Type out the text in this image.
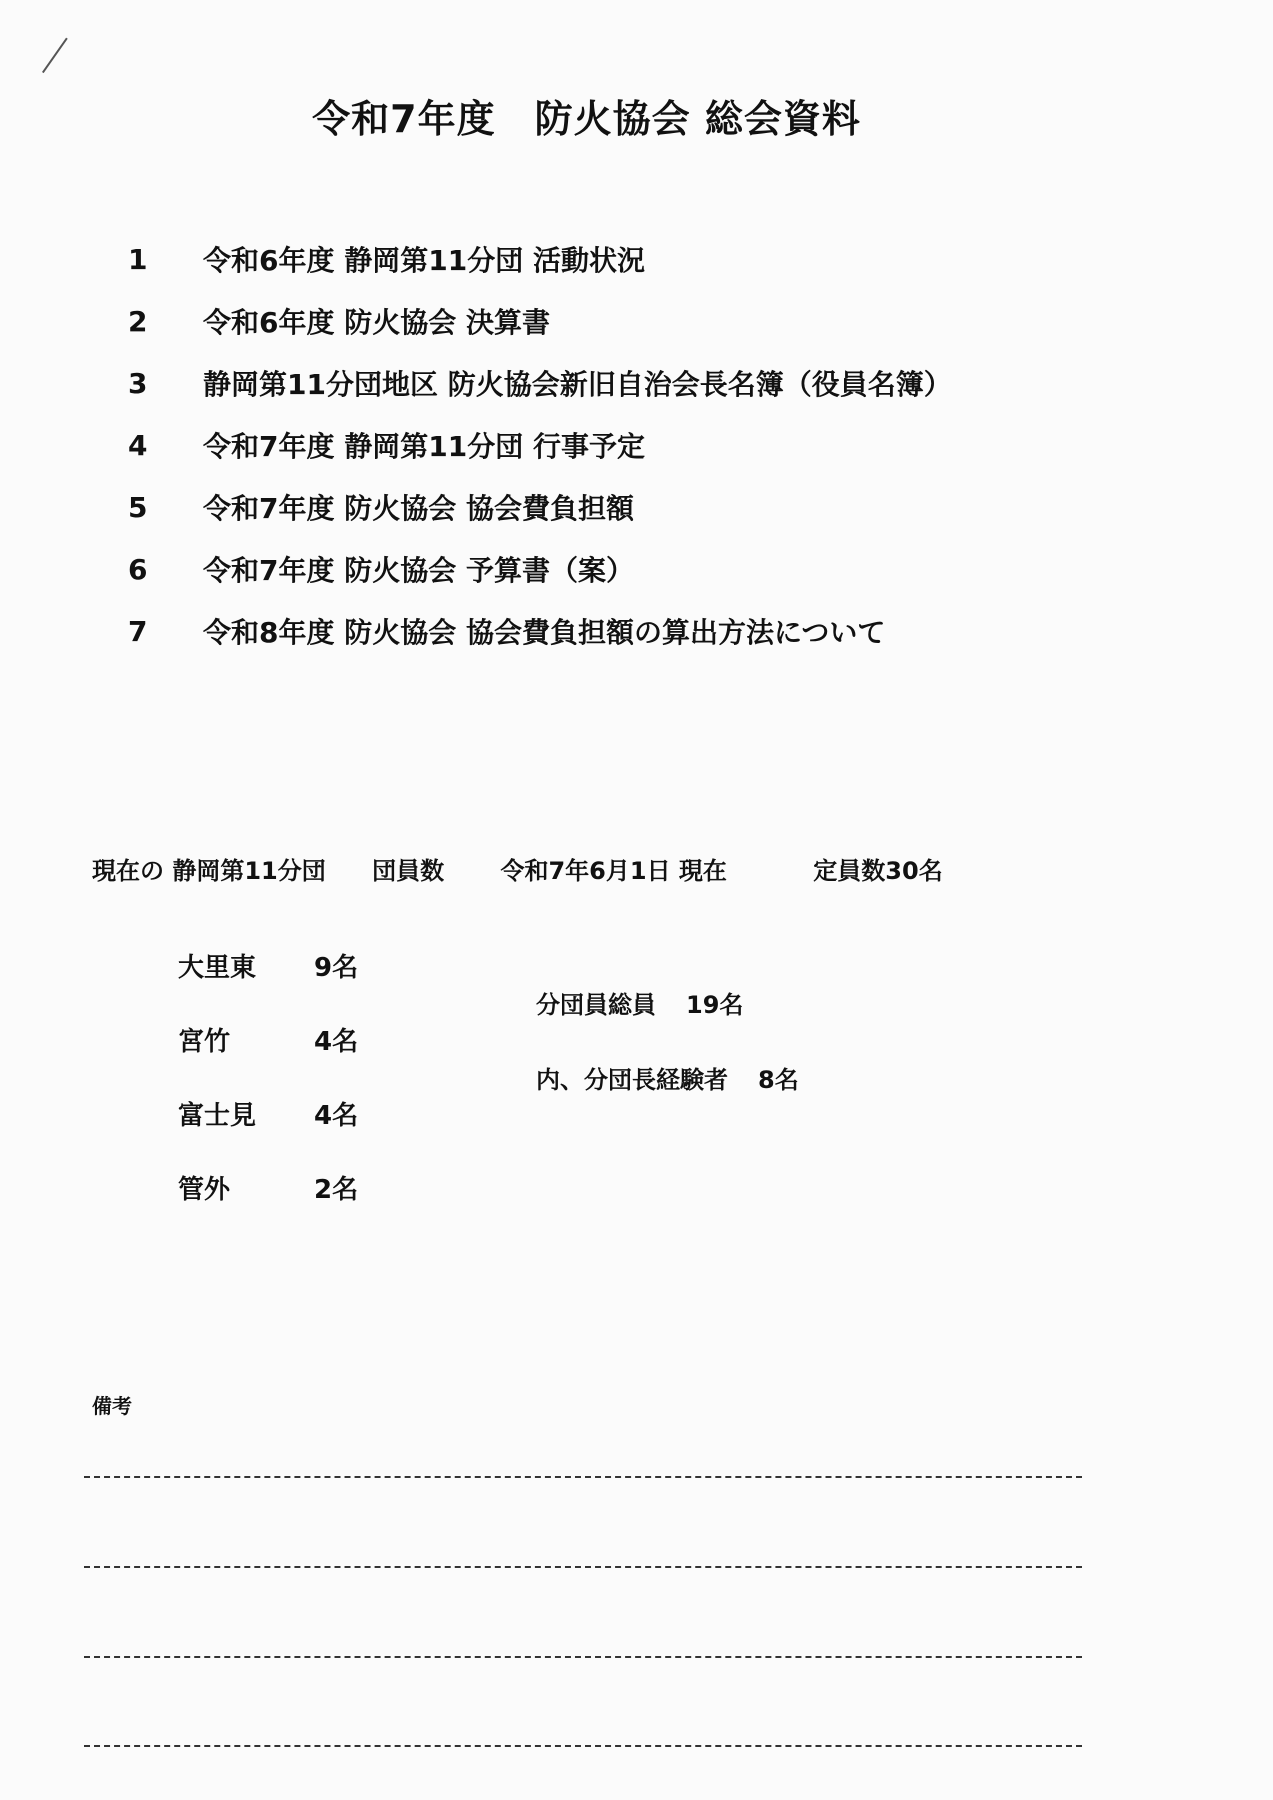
令和7年度　防火協会 総会資料
1	令和6年度 静岡第11分団 活動状況
2	令和6年度 防火協会 決算書
3	静岡第11分団地区 防火協会新旧自治会長名簿（役員名簿）
4	令和7年度 静岡第11分団 行事予定
5	令和7年度 防火協会 協会費負担額
6	令和7年度 防火協会 予算書（案）
7	令和8年度 防火協会 協会費負担額の算出方法について
現在の 静岡第11分団 団員数 令和7年6月1日 現在	定員数30名
大里東	9名
宮竹	4名
富士見	4名
管外	2名
分団員総員 19名
内、分団長経験者 8名
備考
